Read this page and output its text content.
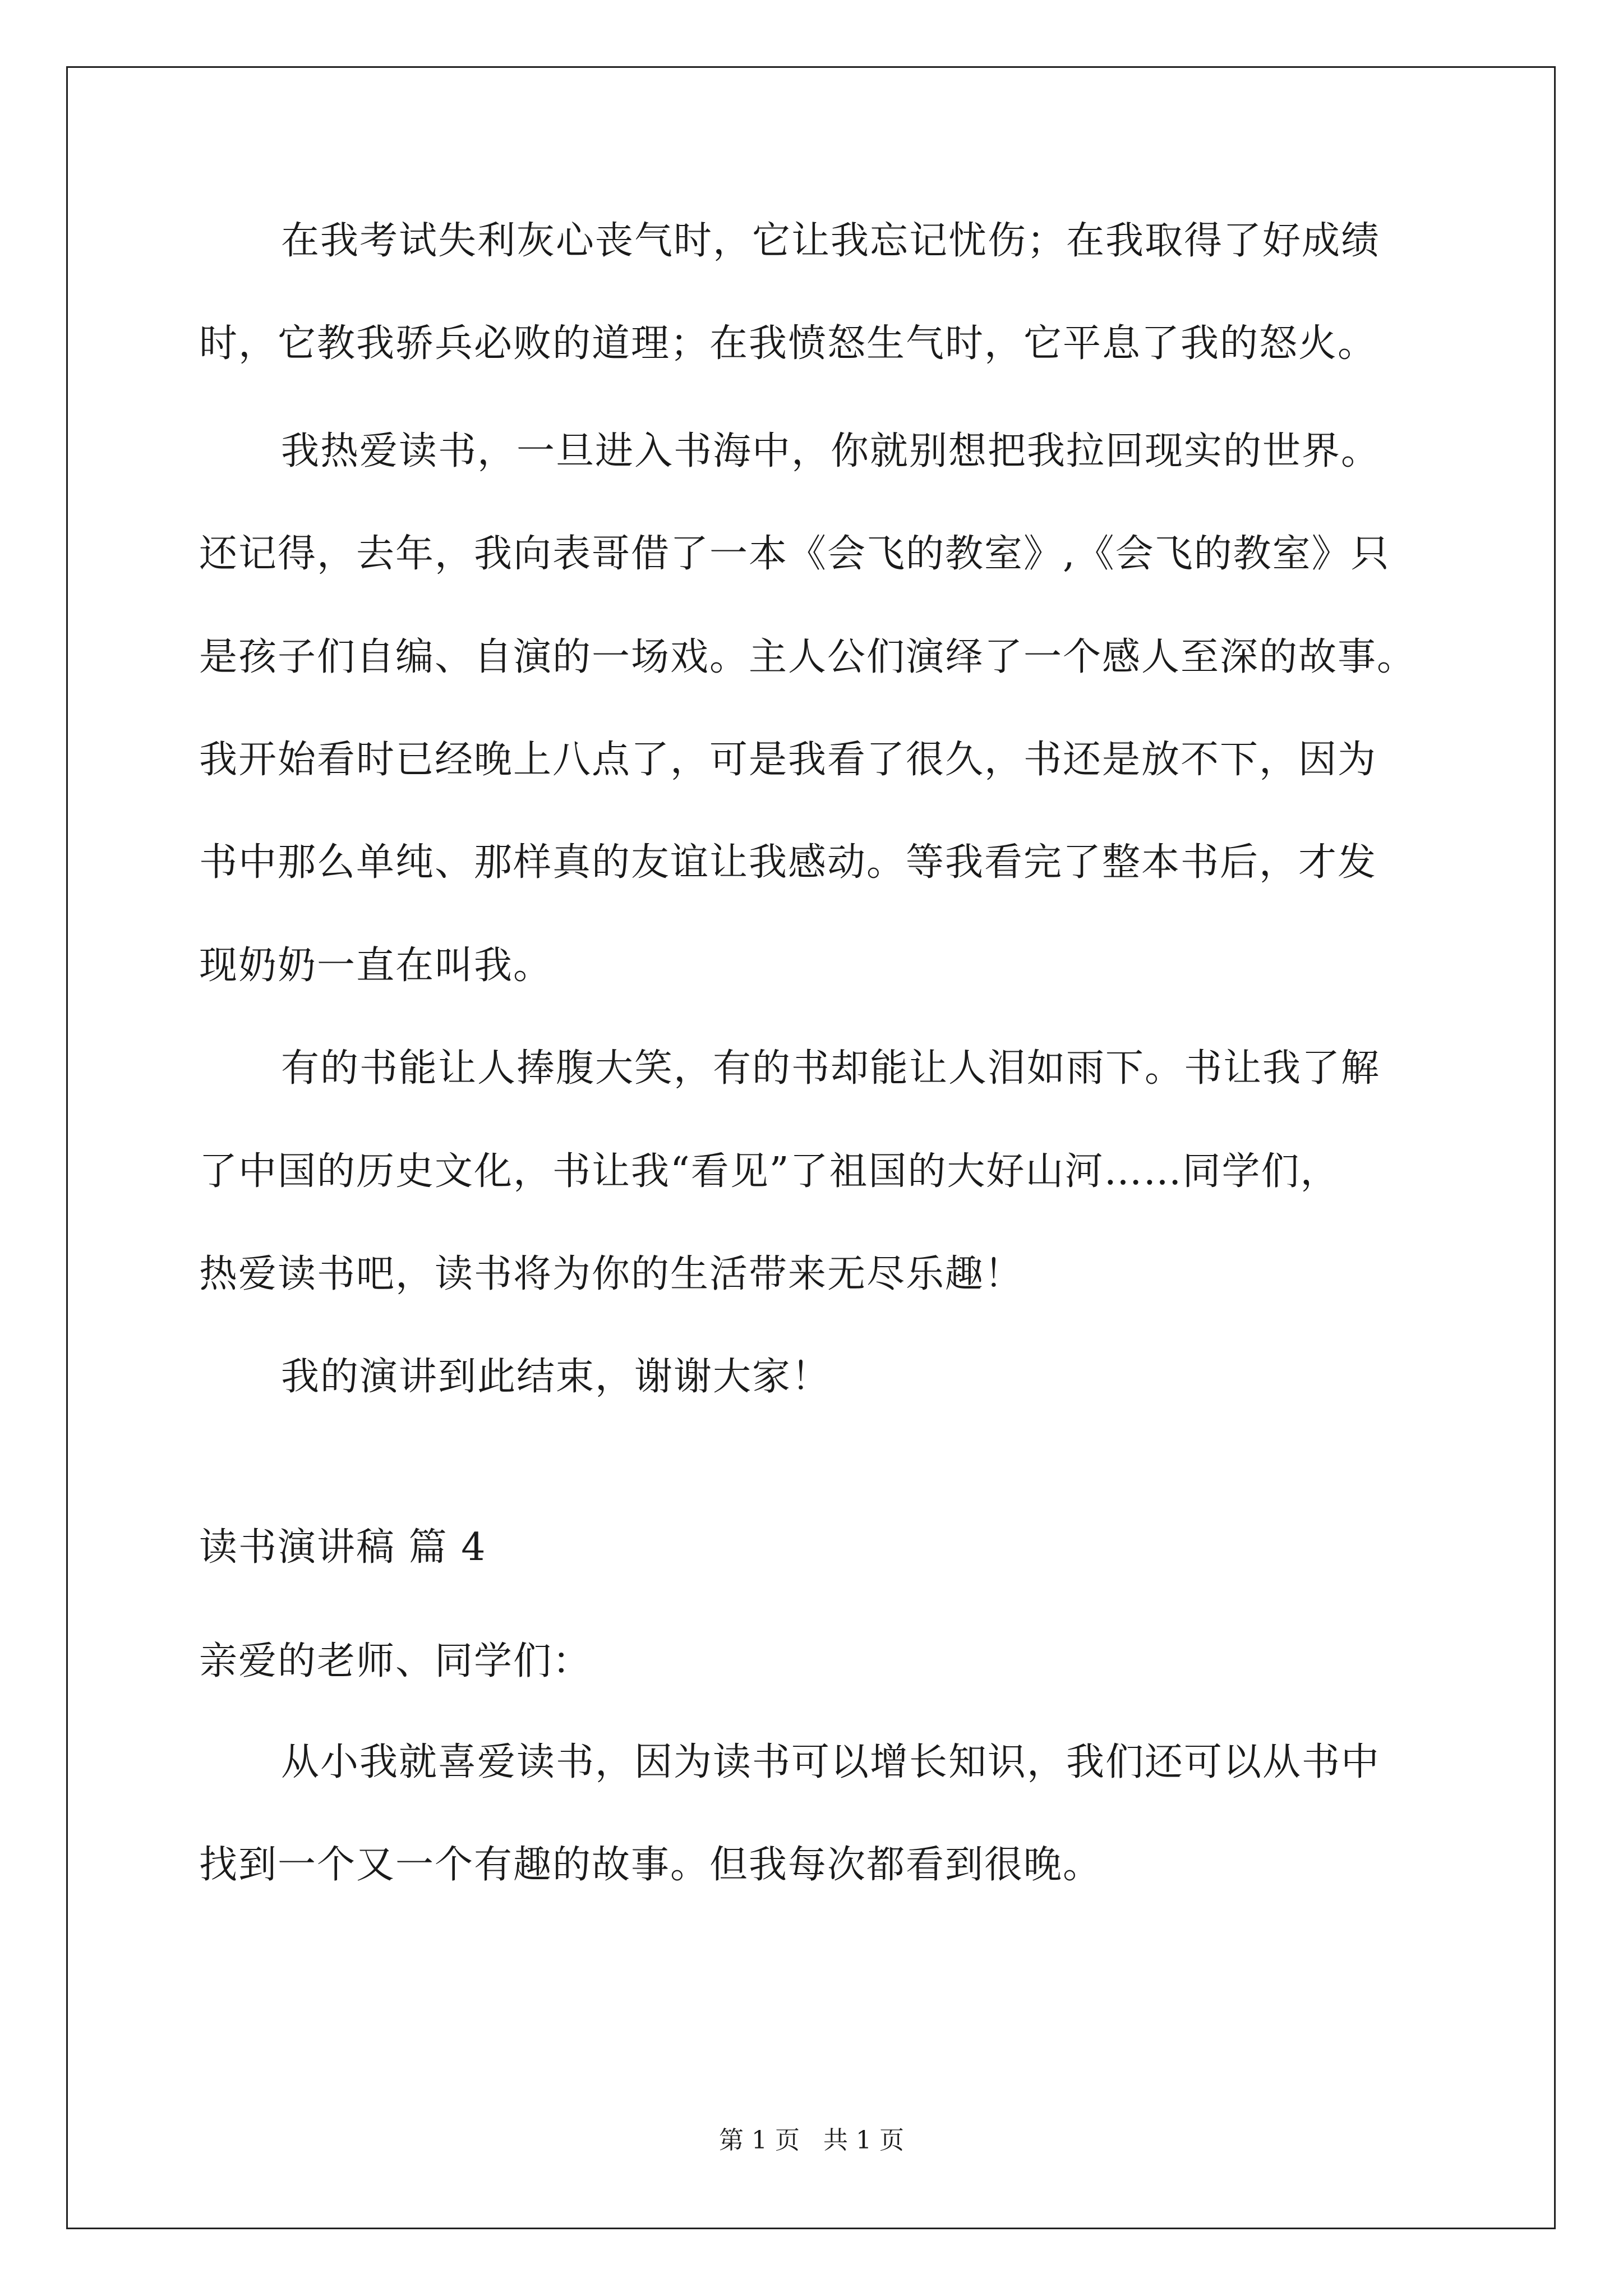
在我考试失利灰心丧气时，它让我忘记忧伤；在我取得了好成绩
时，它教我骄兵必败的道理；在我愤怒生气时，它平息了我的怒火。
我热爱读书，一旦进入书海中，你就别想把我拉回现实的世界。
还记得，去年，我向表哥借了一本《会飞的教室》,《会飞的教室》只
是孩子们自编、自演的一场戏。主人公们演绎了一个感人至深的故事。
我开始看时已经晚上八点了，可是我看了很久，书还是放不下，因为
书中那么单纯、那样真的友谊让我感动。等我看完了整本书后，才发
现奶奶一直在叫我。
有的书能让人捧腹大笑，有的书却能让人泪如雨下。书让我了解
了中国的历史文化，书让我“看见”了祖国的大好山河……同学们，
热爱读书吧，读书将为你的生活带来无尽乐趣！
我的演讲到此结束，谢谢大家！
读书演讲稿 篇 4
亲爱的老师、同学们：
从小我就喜爱读书，因为读书可以增长知识，我们还可以从书中
找到一个又一个有趣的故事。但我每次都看到很晚。
第 1 页   共 1 页
